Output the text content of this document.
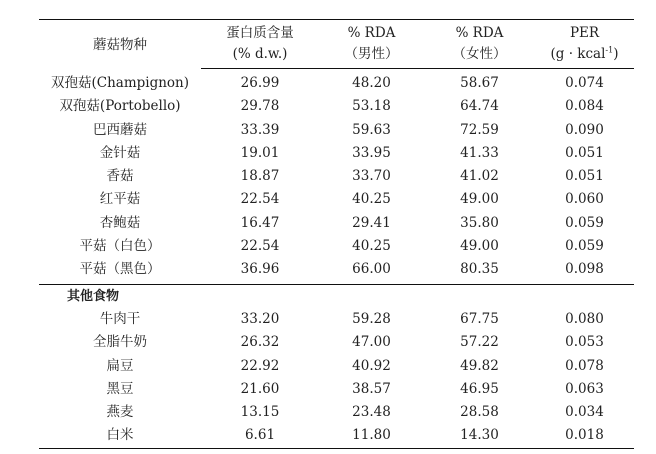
蘑菇物种	蛋白质含量	% RDA	% RDA	PER
	(% d.w.)	（男性）	（女性）	(g · kcal$^{-1}$)
双孢菇(Champignon)	26.99	48.20	58.67	0.074
双孢菇(Portobello)	29.78	53.18	64.74	0.084
巴西蘑菇	33.39	59.63	72.59	0.090
金针菇	19.01	33.95	41.33	0.051
香菇	18.87	33.70	41.02	0.051
红平菇	22.54	40.25	49.00	0.060
杏鲍菇	16.47	29.41	35.80	0.059
平菇（白色）	22.54	40.25	49.00	0.059
平菇（黑色）	36.96	66.00	80.35	0.098
其他食物				
牛肉干	33.20	59.28	67.75	0.080
全脂牛奶	26.32	47.00	57.22	0.053
扁豆	22.92	40.92	49.82	0.078
黑豆	21.60	38.57	46.95	0.063
燕麦	13.15	23.48	28.58	0.034
白米	6.61	11.80	14.30	0.018
